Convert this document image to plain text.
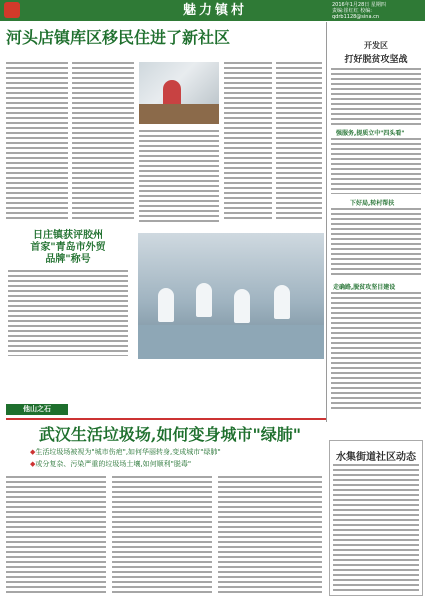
魅力镇村	2016年1月28日 星期四
责编:崔红红 校编:
qdrb1128@sina.cn
河头店镇库区移民住进了新社区
日庄镇获评胶州
首家"青岛市外贸
品牌"称号
开发区
打好脱贫攻坚战
强服务,提质立中"四头看"
下好局,转村帮扶
走确路,脱贫攻坚目建设
他山之石
武汉生活垃圾场,如何变身城市"绿肺"
◆生活垃圾场被视为"城市伤疤",如何华丽转身,变成城市"绿肺"
◆或分复杂、污染严重的垃圾场土壤,如何顺利"脱毒"
水集街道社区动态
